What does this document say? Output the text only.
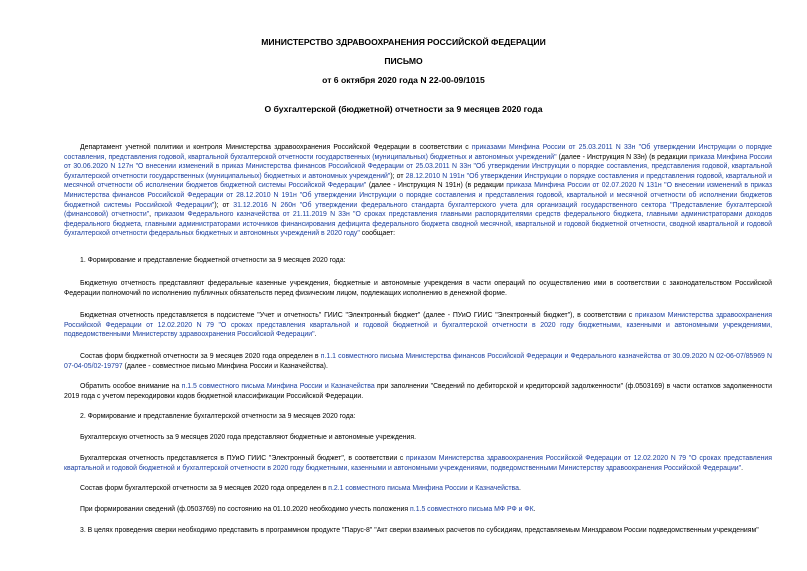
МИНИСТЕРСТВО ЗДРАВООХРАНЕНИЯ РОССИЙСКОЙ ФЕДЕРАЦИИ
ПИСЬМО
от 6 октября 2020 года N 22-00-09/1015
О бухгалтерской (бюджетной) отчетности за 9 месяцев 2020 года
Департамент учетной политики и контроля Министерства здравоохранения Российской Федерации в соответствии с приказами Минфина России от 25.03.2011 N 33н "Об утверждении Инструкции о порядке составления, представления годовой, квартальной бухгалтерской отчетности государственных (муниципальных) бюджетных и автономных учреждений" (далее - Инструкция N 33н) (в редакции приказа Минфина России от 30.06.2020 N 127н "О внесении изменений в приказ Министерства финансов Российской Федерации от 25.03.2011 N 33н "Об утверждении Инструкции о порядке составления, представления годовой, квартальной бухгалтерской отчетности государственных (муниципальных) бюджетных и автономных учреждений"); от 28.12.2010 N 191н "Об утверждении Инструкции о порядке составления и представления годовой, квартальной и месячной отчетности об исполнении бюджетов бюджетной системы Российской Федерации" (далее - Инструкция N 191н) (в редакции приказа Минфина России от 02.07.2020 N 131н "О внесении изменений в приказ Министерства финансов Российской Федерации от 28.12.2010 N 191н "Об утверждении Инструкции о порядке составления и представления годовой, квартальной и месячной отчетности об исполнении бюджетов бюджетной системы Российской Федерации"); от 31.12.2016 N 260н "Об утверждении федерального стандарта бухгалтерского учета для организаций государственного сектора "Представление бухгалтерской (финансовой) отчетности", приказом Федерального казначейства от 21.11.2019 N 33н "О сроках представления главными распорядителями средств федерального бюджета, главными администраторами доходов федерального бюджета, главными администраторами источников финансирования дефицита федерального бюджета сводной месячной, квартальной и годовой бюджетной отчетности, сводной квартальной и годовой бухгалтерской отчетности федеральных бюджетных и автономных учреждений в 2020 году" сообщает:
1. Формирование и представление бюджетной отчетности за 9 месяцев 2020 года:
Бюджетную отчетность представляют федеральные казенные учреждения, бюджетные и автономные учреждения в части операций по осуществлению ими в соответствии с законодательством Российской Федерации полномочий по исполнению публичных обязательств перед физическим лицом, подлежащих исполнению в денежной форме.
Бюджетная отчетность представляется в подсистеме "Учет и отчетность" ГИИС "Электронный бюджет" (далее - ПУиО ГИИС "Электронный бюджет"), в соответствии с приказом Министерства здравоохранения Российской Федерации от 12.02.2020 N 79 "О сроках представления квартальной и годовой бюджетной и бухгалтерской отчетности в 2020 году бюджетными, казенными и автономными учреждениями, подведомственными Министерству здравоохранения Российской Федерации".
Состав форм бюджетной отчетности за 9 месяцев 2020 года определен в п.1.1 совместного письма Министерства финансов Российской Федерации и Федерального казначейства от 30.09.2020 N 02-06-07/85969 N 07-04-05/02-19797 (далее - совместное письмо Минфина России и Казначейства).
Обратить особое внимание на п.1.5 совместного письма Минфина России и Казначейства при заполнении "Сведений по дебиторской и кредиторской задолженности" (ф.0503169) в части остатков задолженности 2019 года с учетом перекодировки кодов бюджетной классификации Российской Федерации.
2. Формирование и представление бухгалтерской отчетности за 9 месяцев 2020 года:
Бухгалтерскую отчетность за 9 месяцев 2020 года представляют бюджетные и автономные учреждения.
Бухгалтерская отчетность представляется в ПУиО ГИИС "Электронный бюджет", в соответствии с приказом Министерства здравоохранения Российской Федерации от 12.02.2020 N 79 "О сроках представления квартальной и годовой бюджетной и бухгалтерской отчетности в 2020 году бюджетными, казенными и автономными учреждениями, подведомственными Министерству здравоохранения Российской Федерации".
Состав форм бухгалтерской отчетности за 9 месяцев 2020 года определен в п.2.1 совместного письма Минфина России и Казначейства.
При формировании сведений (ф.0503769) по состоянию на 01.10.2020 необходимо учесть положения п.1.5 совместного письма МФ РФ и ФК.
3. В целях проведения сверки необходимо представить в программном продукте "Парус-8" "Акт сверки взаимных расчетов по субсидиям, представляемым Минздравом России подведомственным учреждениям"
